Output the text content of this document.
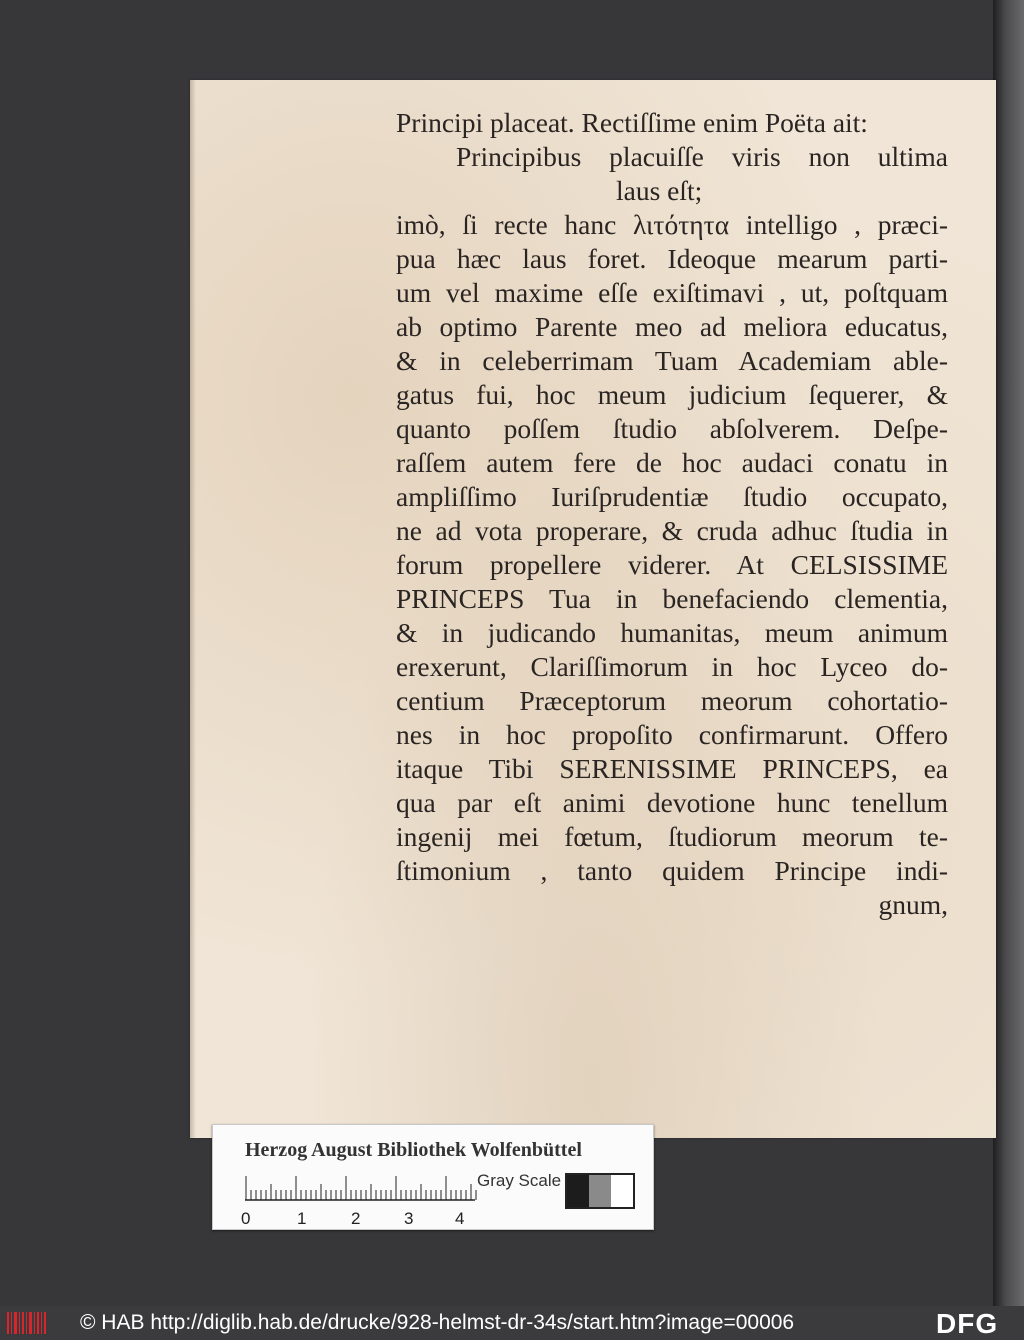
Principi placeat. Rectiſſime enim Poëta ait:
Principibus placuiſſe viris non ultima
laus eſt;
imò, ſi recte hanc λιτότητα intelligo , præci-
pua hæc laus foret. Ideoque mearum parti-
um vel maxime eſſe exiſtimavi , ut, poſtquam
ab optimo Parente meo ad meliora educatus,
& in celeberrimam Tuam Academiam able-
gatus fui, hoc meum judicium ſequerer, &
quanto poſſem ſtudio abſolverem. Deſpe-
raſſem autem fere de hoc audaci conatu in
ampliſſimo Iuriſprudentiæ ſtudio occupato,
ne ad vota properare, & cruda adhuc ſtudia in
forum propellere viderer. At CELSISSIME
PRINCEPS Tua in benefaciendo clementia,
& in judicando humanitas, meum animum
erexerunt, Clariſſimorum in hoc Lyceo do-
centium Præceptorum meorum cohortatio-
nes in hoc propoſito confirmarunt. Offero
itaque Tibi SERENISSIME PRINCEPS, ea
qua par eſt animi devotione hunc tenellum
ingenij mei fœtum, ſtudiorum meorum te-
ſtimonium , tanto quidem Principe indi-
gnum,
Herzog August Bibliothek Wolfenbüttel
0	1	2	3 4
Gray Scale
© HAB http://diglib.hab.de/drucke/928-helmst-dr-34s/start.htm?image=00006	DFG
